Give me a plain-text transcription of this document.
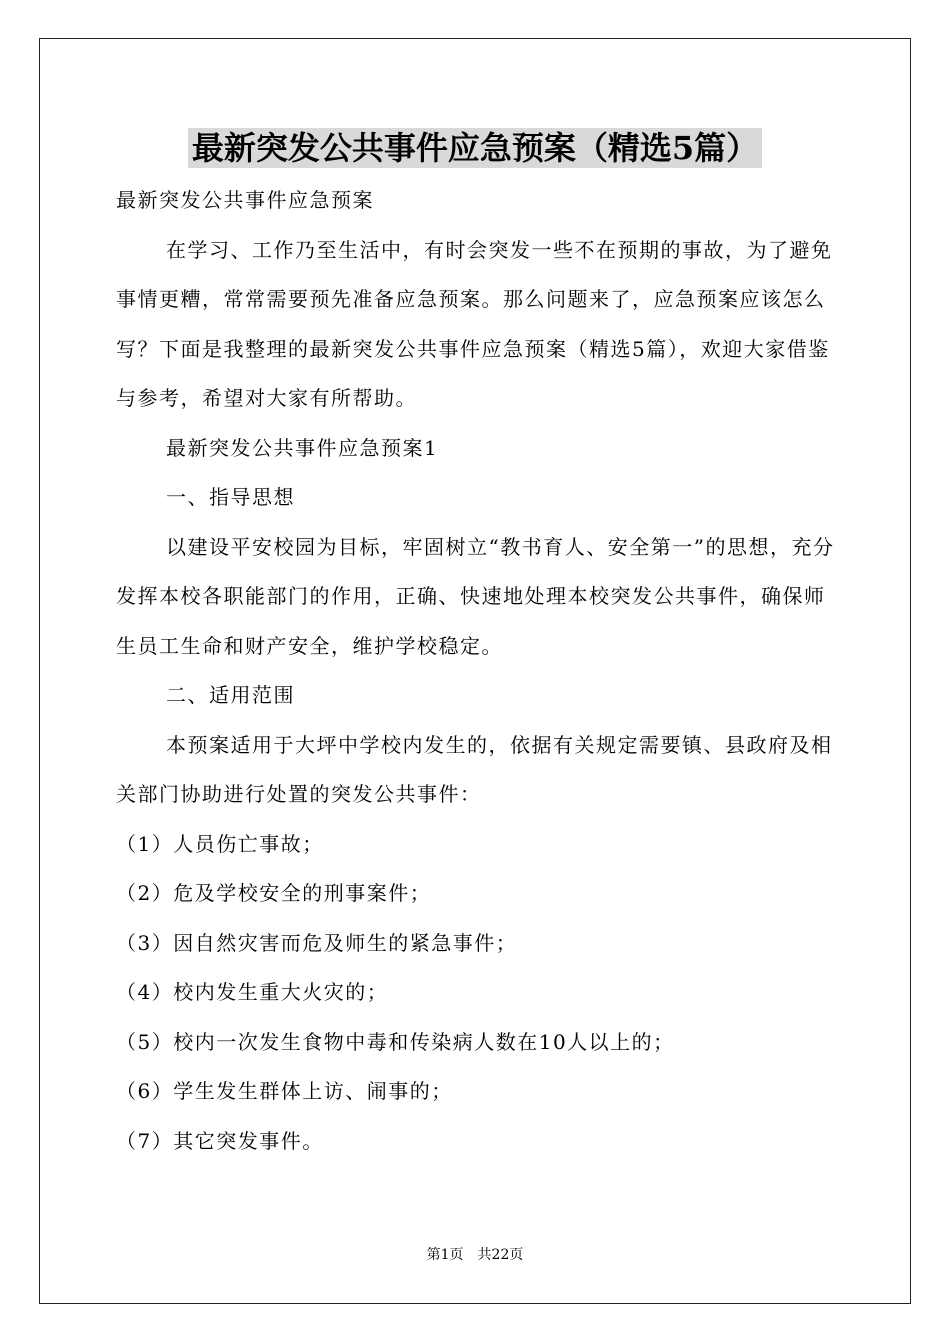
最新突发公共事件应急预案（精选5篇）

最新突发公共事件应急预案

在学习、工作乃至生活中，有时会突发一些不在预期的事故，为了避免事情更糟，常常需要预先准备应急预案。那么问题来了，应急预案应该怎么写？下面是我整理的最新突发公共事件应急预案（精选5篇），欢迎大家借鉴与参考，希望对大家有所帮助。

最新突发公共事件应急预案1

一、指导思想

以建设平安校园为目标，牢固树立“教书育人、安全第一”的思想，充分发挥本校各职能部门的作用，正确、快速地处理本校突发公共事件，确保师生员工生命和财产安全，维护学校稳定。

二、适用范围

本预案适用于大坪中学校内发生的，依据有关规定需要镇、县政府及相关部门协助进行处置的突发公共事件：

（1）人员伤亡事故；

（2）危及学校安全的刑事案件；

（3）因自然灾害而危及师生的紧急事件；

（4）校内发生重大火灾的；

（5）校内一次发生食物中毒和传染病人数在10人以上的；

（6）学生发生群体上访、闹事的；

（7）其它突发事件。

第1页 共22页
